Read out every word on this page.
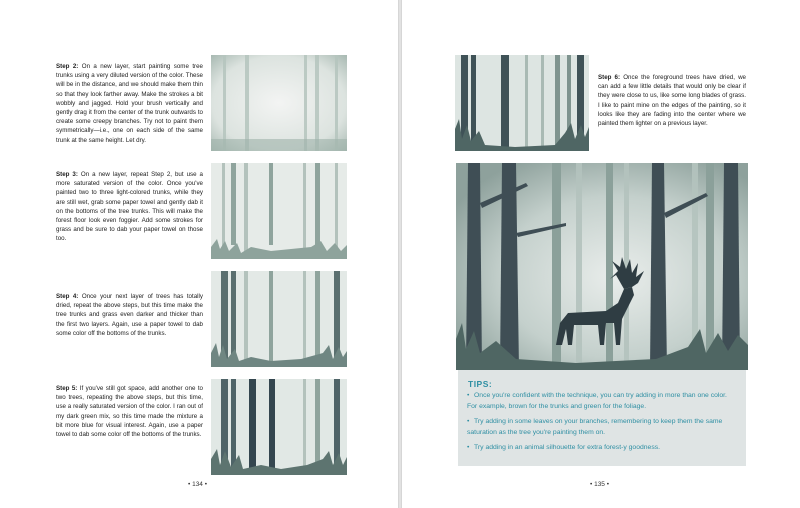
Step 2: On a new layer, start painting some tree trunks using a very diluted version of the color. These will be in the distance, and we should make them thin so that they look farther away. Make the strokes a bit wobbly and jagged. Hold your brush vertically and gently drag it from the center of the trunk outwards to create some creepy branches. Try not to paint them symmetrically—i.e., one on each side of the same trunk at the same height. Let dry.
Step 3: On a new layer, repeat Step 2, but use a more saturated version of the color. Once you've painted two to three light-colored trunks, while they are still wet, grab some paper towel and gently dab it on the bottoms of the tree trunks. This will make the forest floor look even foggier. Add some strokes for grass and be sure to dab your paper towel on those too.
Step 4: Once your next layer of trees has totally dried, repeat the above steps, but this time make the tree trunks and grass even darker and thicker than the first two layers. Again, use a paper towel to dab some color off the bottoms of the trunks.
Step 5: If you've still got space, add another one to two trees, repeating the above steps, but this time, use a really saturated version of the color. I ran out of my dark green mix, so this time made the mixture a bit more blue for visual interest. Again, use a paper towel to dab some color off the bottoms of the trunks.
• 134 •
Step 6: Once the foreground trees have dried, we can add a few little details that would only be clear if they were close to us, like some long blades of grass. I like to paint mine on the edges of the painting, so it looks like they are fading into the center where we painted them lighter on a previous layer.
TIPS:
• Once you're confident with the technique, you can try adding in more than one color. For example, brown for the trunks and green for the foliage.
• Try adding in some leaves on your branches, remembering to keep them the same saturation as the tree you're painting them on.
• Try adding in an animal silhouette for extra forest-y goodness.
• 135 •
